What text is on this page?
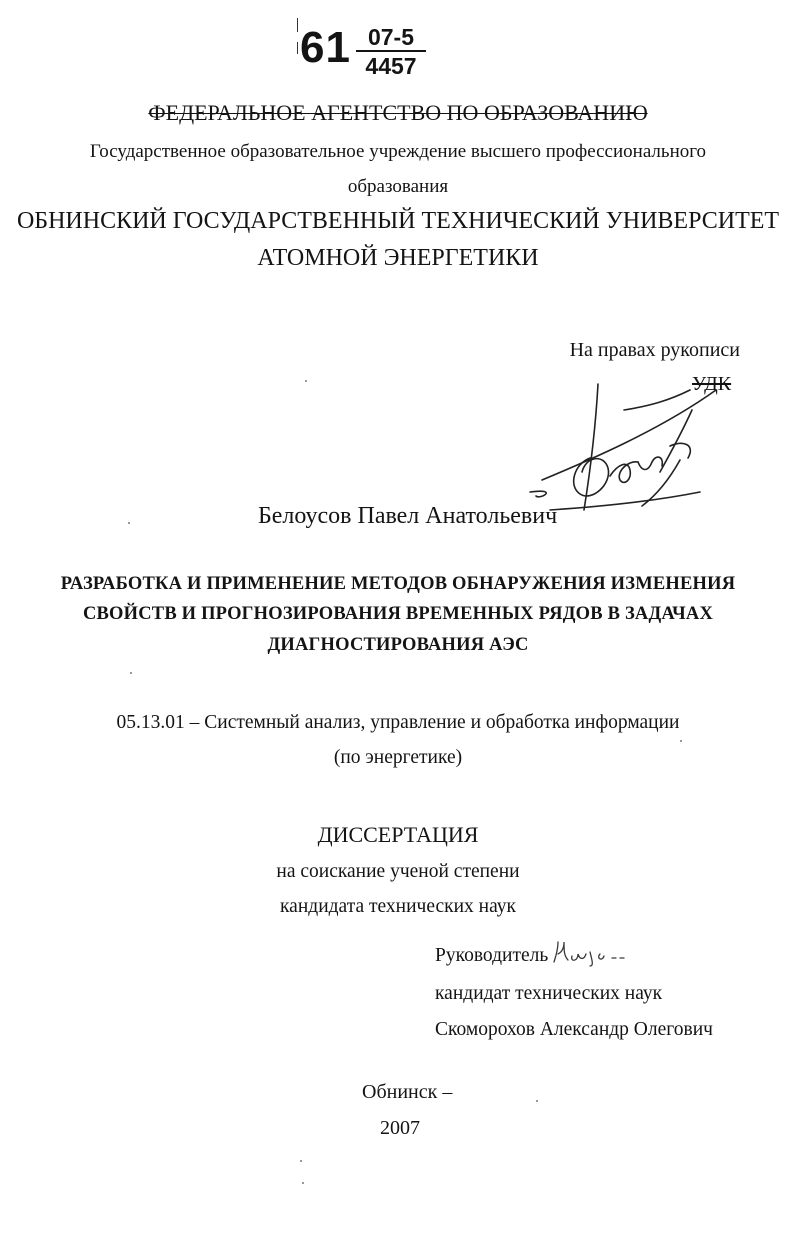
61 07-5
4457
ФЕДЕРАЛЬНОЕ АГЕНТСТВО ПО ОБРАЗОВАНИЮ
Государственное образовательное учреждение высшего профессионального
образования
ОБНИНСКИЙ ГОСУДАРСТВЕННЫЙ ТЕХНИЧЕСКИЙ УНИВЕРСИТЕТ
АТОМНОЙ ЭНЕРГЕТИКИ
На правах рукописи
УДК
Белоусов Павел Анатольевич
РАЗРАБОТКА И ПРИМЕНЕНИЕ МЕТОДОВ ОБНАРУЖЕНИЯ ИЗМЕНЕНИЯ
СВОЙСТВ И ПРОГНОЗИРОВАНИЯ ВРЕМЕННЫХ РЯДОВ В ЗАДАЧАХ
ДИАГНОСТИРОВАНИЯ АЭС
05.13.01 – Системный анализ, управление и обработка информации
(по энергетике)
ДИССЕРТАЦИЯ
на соискание ученой степени
кандидата технических наук
Руководитель
кандидат технических наук
Скоморохов Александр Олегович
Обнинск –
2007
